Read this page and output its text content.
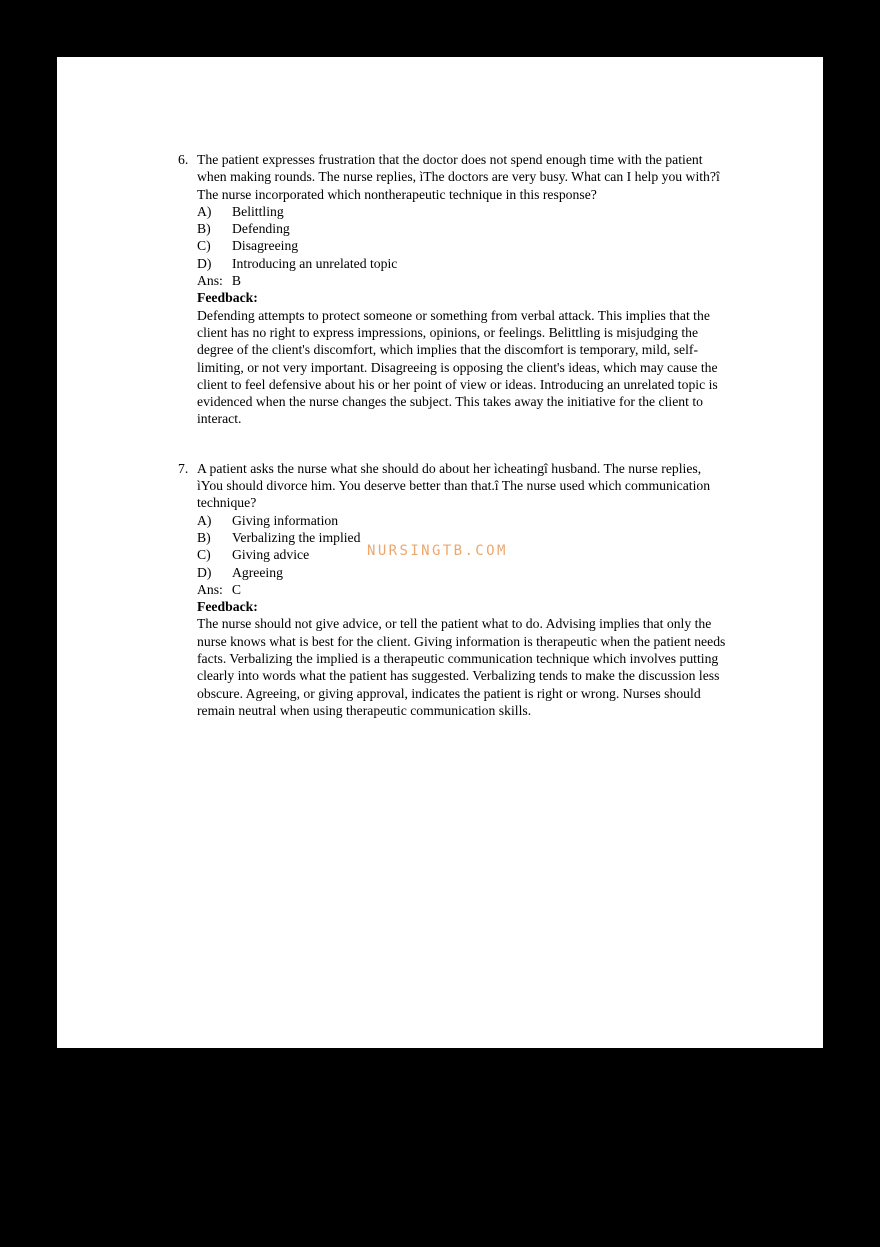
NURSINGTB.COM
6. The patient expresses frustration that the doctor does not spend enough time with the patient when making rounds. The nurse replies, ìThe doctors are very busy. What can I help you with?î The nurse incorporated which nontherapeutic technique in this response?
A)	Belittling
B)	Defending
C)	Disagreeing
D)	Introducing an unrelated topic
Ans: B
Feedback:
Defending attempts to protect someone or something from verbal attack. This implies that the client has no right to express impressions, opinions, or feelings. Belittling is misjudging the degree of the client's discomfort, which implies that the discomfort is temporary, mild, self-limiting, or not very important. Disagreeing is opposing the client's ideas, which may cause the client to feel defensive about his or her point of view or ideas. Introducing an unrelated topic is evidenced when the nurse changes the subject. This takes away the initiative for the client to interact.
7. A patient asks the nurse what she should do about her ìcheatingî husband. The nurse replies, ìYou should divorce him. You deserve better than that.î The nurse used which communication technique?
A)	Giving information
B)	Verbalizing the implied
C)	Giving advice
D)	Agreeing
Ans: C
Feedback:
The nurse should not give advice, or tell the patient what to do. Advising implies that only the nurse knows what is best for the client. Giving information is therapeutic when the patient needs facts. Verbalizing the implied is a therapeutic communication technique which involves putting clearly into words what the patient has suggested. Verbalizing tends to make the discussion less obscure. Agreeing, or giving approval, indicates the patient is right or wrong. Nurses should remain neutral when using therapeutic communication skills.
